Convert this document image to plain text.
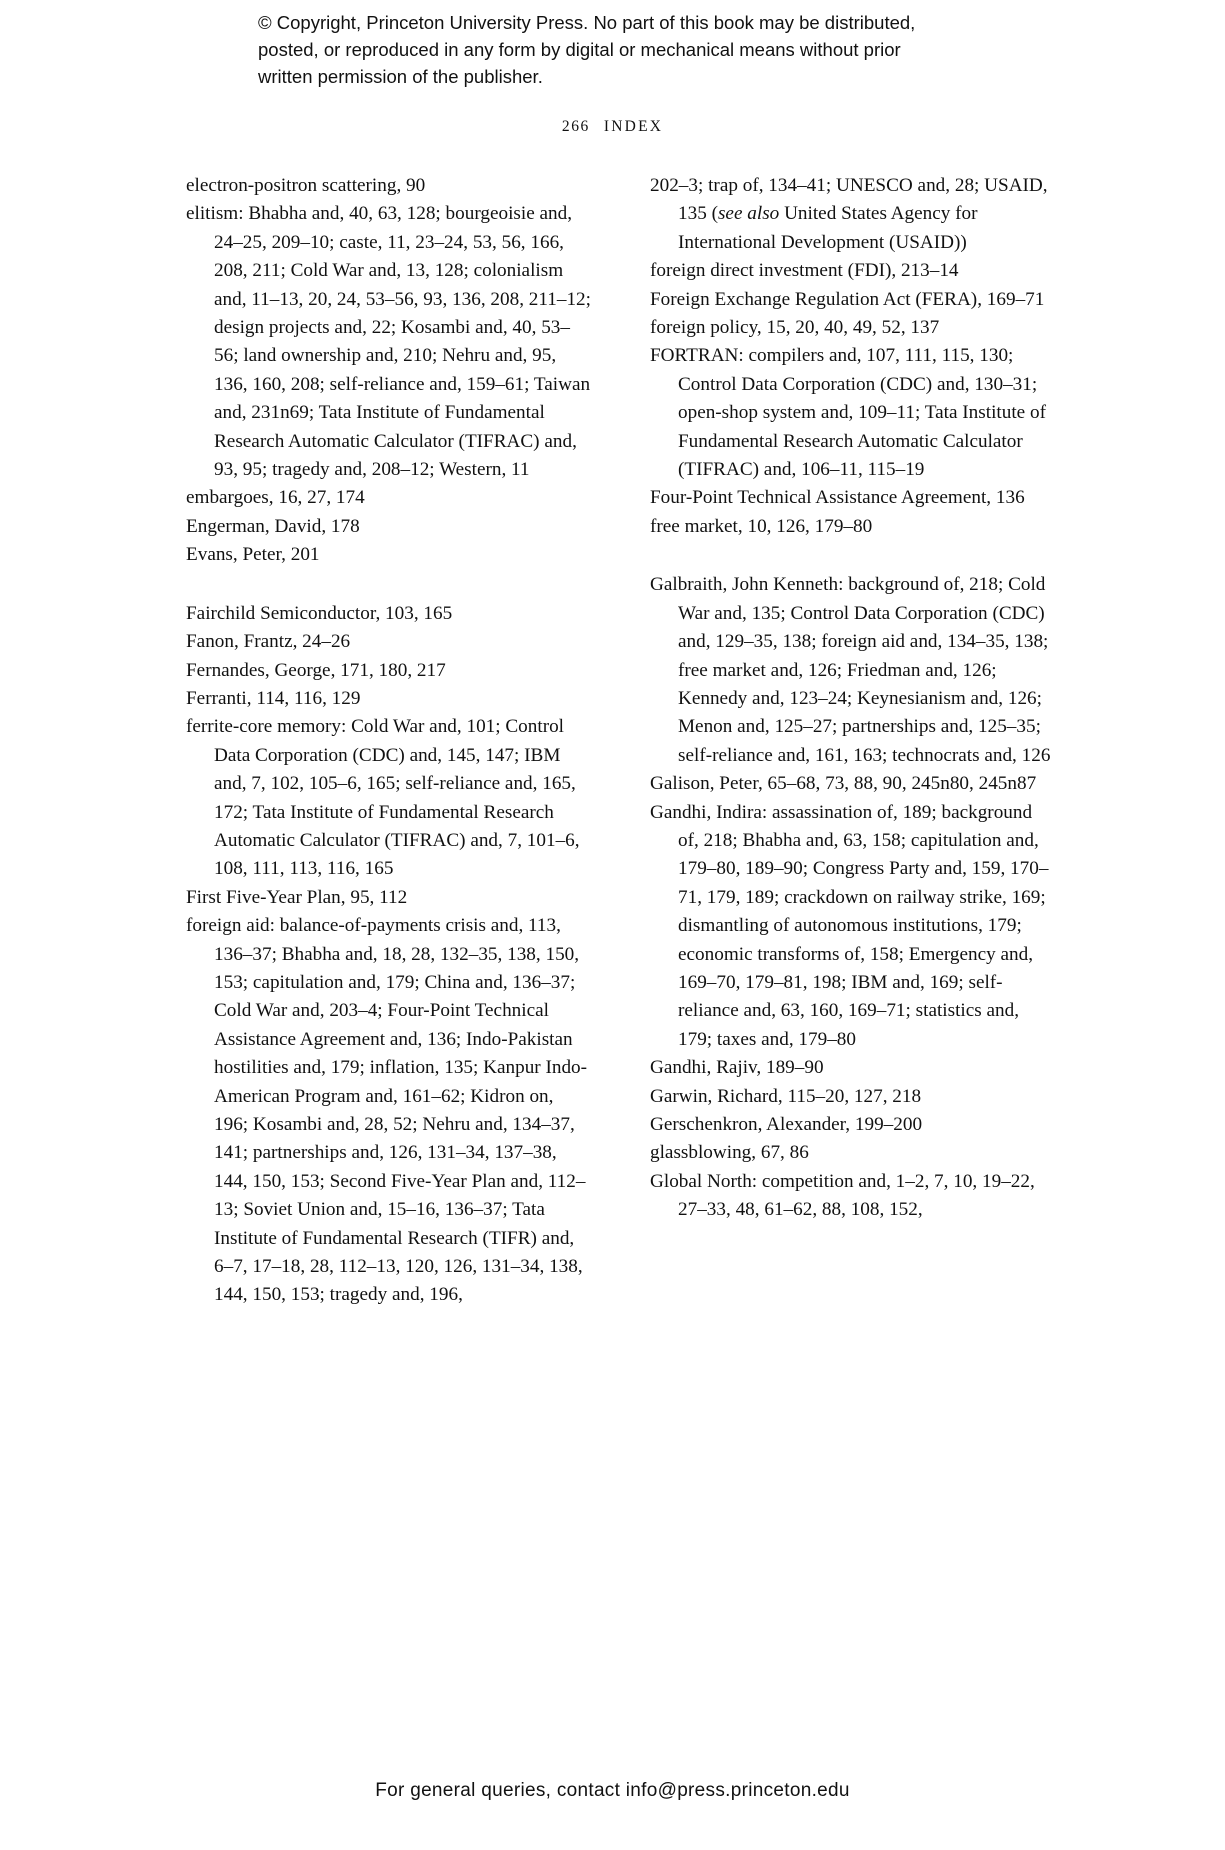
© Copyright, Princeton University Press. No part of this book may be distributed, posted, or reproduced in any form by digital or mechanical means without prior written permission of the publisher.
266 INDEX

electron-positron scattering, 90

elitism: Bhabha and, 40, 63, 128; bourgeoisie and, 24–25, 209–10; caste, 11, 23–24, 53, 56, 166, 208, 211; Cold War and, 13, 128; colonialism and, 11–13, 20, 24, 53–56, 93, 136, 208, 211–12; design projects and, 22; Kosambi and, 40, 53–56; land ownership and, 210; Nehru and, 95, 136, 160, 208; self-reliance and, 159–61; Taiwan and, 231n69; Tata Institute of Fundamental Research Automatic Calculator (TIFRAC) and, 93, 95; tragedy and, 208–12; Western, 11

embargoes, 16, 27, 174

Engerman, David, 178

Evans, Peter, 201

Fairchild Semiconductor, 103, 165

Fanon, Frantz, 24–26

Fernandes, George, 171, 180, 217

Ferranti, 114, 116, 129

ferrite-core memory: Cold War and, 101; Control Data Corporation (CDC) and, 145, 147; IBM and, 7, 102, 105–6, 165; self-reliance and, 165, 172; Tata Institute of Fundamental Research Automatic Calculator (TIFRAC) and, 7, 101–6, 108, 111, 113, 116, 165

First Five-Year Plan, 95, 112

foreign aid: balance-of-payments crisis and, 113, 136–37; Bhabha and, 18, 28, 132–35, 138, 150, 153; capitulation and, 179; China and, 136–37; Cold War and, 203–4; Four-Point Technical Assistance Agreement and, 136; Indo-Pakistan hostilities and, 179; inflation, 135; Kanpur Indo-American Program and, 161–62; Kidron on, 196; Kosambi and, 28, 52; Nehru and, 134–37, 141; partnerships and, 126, 131–34, 137–38, 144, 150, 153; Second Five-Year Plan and, 112–13; Soviet Union and, 15–16, 136–37; Tata Institute of Fundamental Research (TIFR) and, 6–7, 17–18, 28, 112–13, 120, 126, 131–34, 138, 144, 150, 153; tragedy and, 196,

202–3; trap of, 134–41; UNESCO and, 28; USAID, 135 (see also United States Agency for International Development (USAID))

foreign direct investment (FDI), 213–14

Foreign Exchange Regulation Act (FERA), 169–71

foreign policy, 15, 20, 40, 49, 52, 137

FORTRAN: compilers and, 107, 111, 115, 130; Control Data Corporation (CDC) and, 130–31; open-shop system and, 109–11; Tata Institute of Fundamental Research Automatic Calculator (TIFRAC) and, 106–11, 115–19

Four-Point Technical Assistance Agreement, 136

free market, 10, 126, 179–80

Galbraith, John Kenneth: background of, 218; Cold War and, 135; Control Data Corporation (CDC) and, 129–35, 138; foreign aid and, 134–35, 138; free market and, 126; Friedman and, 126; Kennedy and, 123–24; Keynesianism and, 126; Menon and, 125–27; partnerships and, 125–35; self-reliance and, 161, 163; technocrats and, 126

Galison, Peter, 65–68, 73, 88, 90, 245n80, 245n87

Gandhi, Indira: assassination of, 189; background of, 218; Bhabha and, 63, 158; capitulation and, 179–80, 189–90; Congress Party and, 159, 170–71, 179, 189; crackdown on railway strike, 169; dismantling of autonomous institutions, 179; economic transforms of, 158; Emergency and, 169–70, 179–81, 198; IBM and, 169; self-reliance and, 63, 160, 169–71; statistics and, 179; taxes and, 179–80

Gandhi, Rajiv, 189–90

Garwin, Richard, 115–20, 127, 218

Gerschenkron, Alexander, 199–200

glassblowing, 67, 86

Global North: competition and, 1–2, 7, 10, 19–22, 27–33, 48, 61–62, 88, 108, 152,

For general queries, contact info@press.princeton.edu
